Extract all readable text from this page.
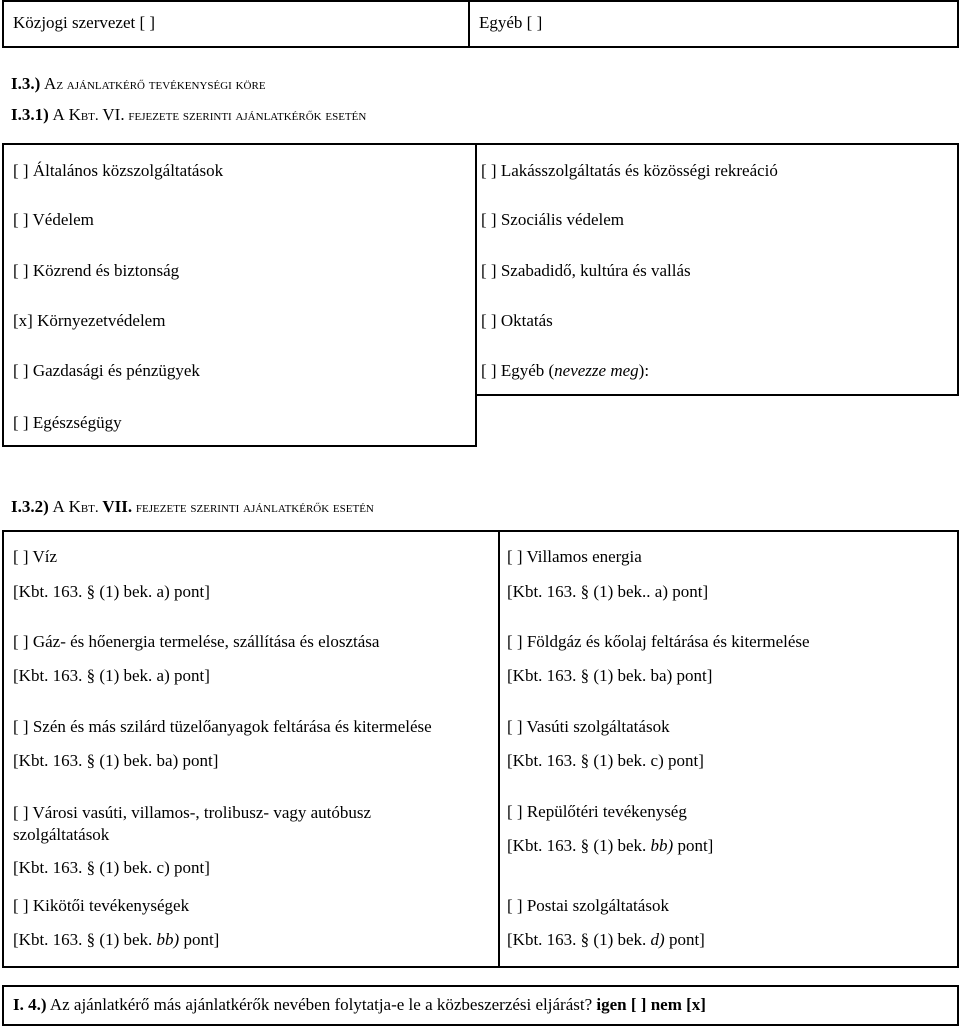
Közjogi szervezet [ ]	Egyéb [ ]
I.3.) Az ajánlatkérő tevékenységi köre
I.3.1) A Kbt. VI. fejezete szerinti ajánlatkérők esetén
[ ] Általános közszolgáltatások
[ ] Védelem
[ ] Közrend és biztonság
[x] Környezetvédelem
[ ] Gazdasági és pénzügyek
[ ] Egészségügy
[ ] Lakásszolgáltatás és közösségi rekreáció
[ ] Szociális védelem
[ ] Szabadidő, kultúra és vallás
[ ] Oktatás
[ ] Egyéb (nevezze meg):
I.3.2) A Kbt. VII. fejezete szerinti ajánlatkérők esetén
[ ] Víz
[Kbt. 163. § (1) bek. a) pont]
[ ] Gáz- és hőenergia termelése, szállítása és elosztása
[Kbt. 163. § (1) bek. a) pont]
[ ] Szén és más szilárd tüzelőanyagok feltárása és kitermelése
[Kbt. 163. § (1) bek. ba) pont]
[ ] Városi vasúti, villamos-, trolibusz- vagy autóbusz szolgáltatások
[Kbt. 163. § (1) bek. c) pont]
[ ] Kikötői tevékenységek
[Kbt. 163. § (1) bek. bb) pont]
[ ] Villamos energia
[Kbt. 163. § (1) bek.. a) pont]
[ ] Földgáz és kőolaj feltárása és kitermelése
[Kbt. 163. § (1) bek. ba) pont]
[ ] Vasúti szolgáltatások
[Kbt. 163. § (1) bek. c) pont]
[ ] Repülőtéri tevékenység
[Kbt. 163. § (1) bek. bb) pont]
[ ] Postai szolgáltatások
[Kbt. 163. § (1) bek. d) pont]
I. 4.) Az ajánlatkérő más ajánlatkérők nevében folytatja-e le a közbeszerzési eljárást? igen [ ] nem [x]
